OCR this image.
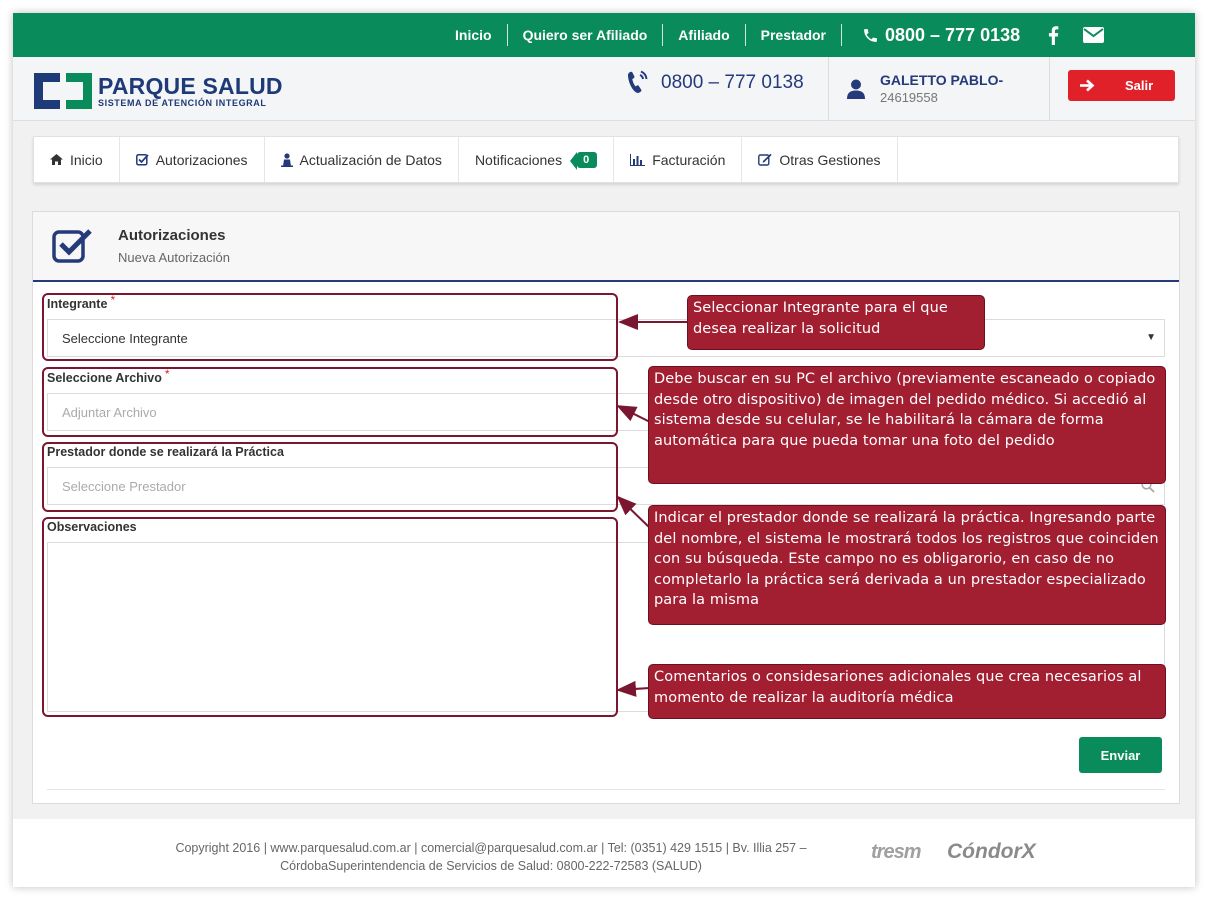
Inicio	Quiero ser Afiliado	Afiliado	Prestador	0800 – 777 0138
PARQUE SALUD
SISTEMA DE ATENCIÓN INTEGRAL
0800 – 777 0138	GALETTO PABLO-
24619558
Salir
Inicio	Autorizaciones	Actualización de Datos Notificaciones	0	Facturación	Otras Gestiones
Autorizaciones
Nueva Autorización
Integrante *
Seleccione Integrante	▼
Seleccione Archivo *
Adjuntar Archivo
Prestador donde se realizará la Práctica
Seleccione Prestador
Observaciones
Enviar
Copyright 2016 | www.parquesalud.com.ar | comercial@parquesalud.com.ar | Tel: (0351) 429 1515 | Bv. Illia 257 –
CórdobaSuperintendencia de Servicios de Salud: 0800-222-72583 (SALUD)
tresm CóndorX
Seleccionar Integrante para el que desea realizar la solicitud
Debe buscar en su PC el archivo (previamente escaneado o copiado desde otro dispositivo) de imagen del pedido médico. Si accedió al sistema desde su celular, se le habilitará la cámara de forma automática para que pueda tomar una foto del pedido
Indicar el prestador donde se realizará la práctica. Ingresando parte del nombre, el sistema le mostrará todos los registros que coinciden con su búsqueda. Este campo no es obligarorio, en caso de no completarlo la práctica será derivada a un prestador especializado para la misma
Comentarios o considesariones adicionales que crea necesarios al momento de realizar la auditoría médica
